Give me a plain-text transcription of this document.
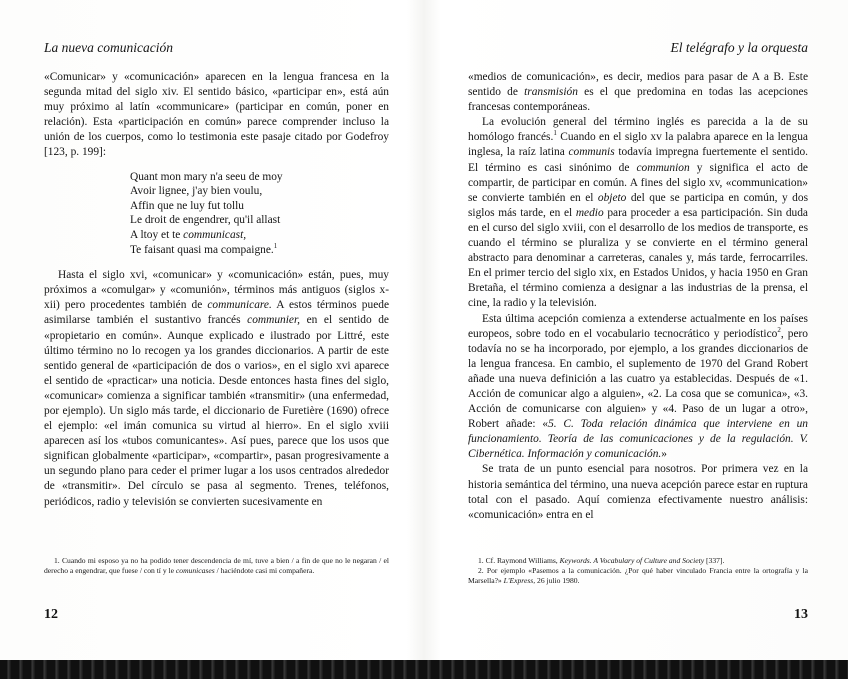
La nueva comunicación

«Comunicar» y «comunicación» aparecen en la lengua francesa en la segunda mitad del siglo xiv. El sentido básico, «participar en», está aún muy próximo al latín «communicare» (participar en común, poner en relación). Esta «participación en común» parece comprender incluso la unión de los cuerpos, como lo testimonia este pasaje citado por Godefroy [123, p. 199]:

Quant mon mary n'a seeu de moy
Avoir lignee, j'ay bien voulu,
Affin que ne luy fut tollu
Le droit de engendrer, qu'il allast
A ltoy et te communicast,
Te faisant quasi ma compaigne.$^1$

Hasta el siglo xvi, «comunicar» y «comunicación» están, pues, muy próximos a «comulgar» y «comunión», términos más antiguos (siglos x-xii) pero procedentes también de communicare. A estos términos puede asimilarse también el sustantivo francés communier, en el sentido de «propietario en común». Aunque explicado e ilustrado por Littré, este último término no lo recogen ya los grandes diccionarios. A partir de este sentido general de «participación de dos o varios», en el siglo xvi aparece el sentido de «practicar» una noticia. Desde entonces hasta fines del siglo, «comunicar» comienza a significar también «transmitir» (una enfermedad, por ejemplo). Un siglo más tarde, el diccionario de Furetière (1690) ofrece el ejemplo: «el imán comunica su virtud al hierro». En el siglo xviii aparecen así los «tubos comunicantes». Así pues, parece que los usos que significan globalmente «participar», «compartir», pasan progresivamente a un segundo plano para ceder el primer lugar a los usos centrados alrededor de «transmitir». Del círculo se pasa al segmento. Trenes, teléfonos, periódicos, radio y televisión se convierten sucesivamente en

1. Cuando mi esposo ya no ha podido tener descendencia de mí, tuve a bien / a fin de que no le negaran / el derecho a engendrar, que fuese / con tí y le comunicases / haciéndote casi mi compañera.

12
El telégrafo y la orquesta

«medios de comunicación», es decir, medios para pasar de A a B. Este sentido de transmisión es el que predomina en todas las acepciones francesas contemporáneas.

La evolución general del término inglés es parecida a la de su homólogo francés.$^1$ Cuando en el siglo xv la palabra aparece en la lengua inglesa, la raíz latina communis todavía impregna fuertemente el sentido. El término es casi sinónimo de communion y significa el acto de compartir, de participar en común. A fines del siglo xv, «communication» se convierte también en el objeto del que se participa en común, y dos siglos más tarde, en el medio para proceder a esa participación. Sin duda en el curso del siglo xviii, con el desarrollo de los medios de transporte, es cuando el término se pluraliza y se convierte en el término general abstracto para denominar a carreteras, canales y, más tarde, ferrocarriles. En el primer tercio del siglo xix, en Estados Unidos, y hacia 1950 en Gran Bretaña, el término comienza a designar a las industrias de la prensa, el cine, la radio y la televisión.

Esta última acepción comienza a extenderse actualmente en los países europeos, sobre todo en el vocabulario tecnocrático y periodístico$^2$, pero todavía no se ha incorporado, por ejemplo, a los grandes diccionarios de la lengua francesa. En cambio, el suplemento de 1970 del Grand Robert añade una nueva definición a las cuatro ya establecidas. Después de «1. Acción de comunicar algo a alguien», «2. La cosa que se comunica», «3. Acción de comunicarse con alguien» y «4. Paso de un lugar a otro», Robert añade: «5. C. Toda relación dinámica que interviene en un funcionamiento. Teoría de las comunicaciones y de la regulación. V. Cibernética. Información y comunicación.»

Se trata de un punto esencial para nosotros. Por primera vez en la historia semántica del término, una nueva acepción parece estar en ruptura total con el pasado. Aquí comienza efectivamente nuestro análisis: «comunicación» entra en el

1. Cf. Raymond Williams, Keywords. A Vocabulary of Culture and Society [337].

2. Por ejemplo «Pasemos a la comunicación. ¿Por qué haber vinculado Francia entre la ortografía y la Marsella?» L'Express, 26 julio 1980.

13
